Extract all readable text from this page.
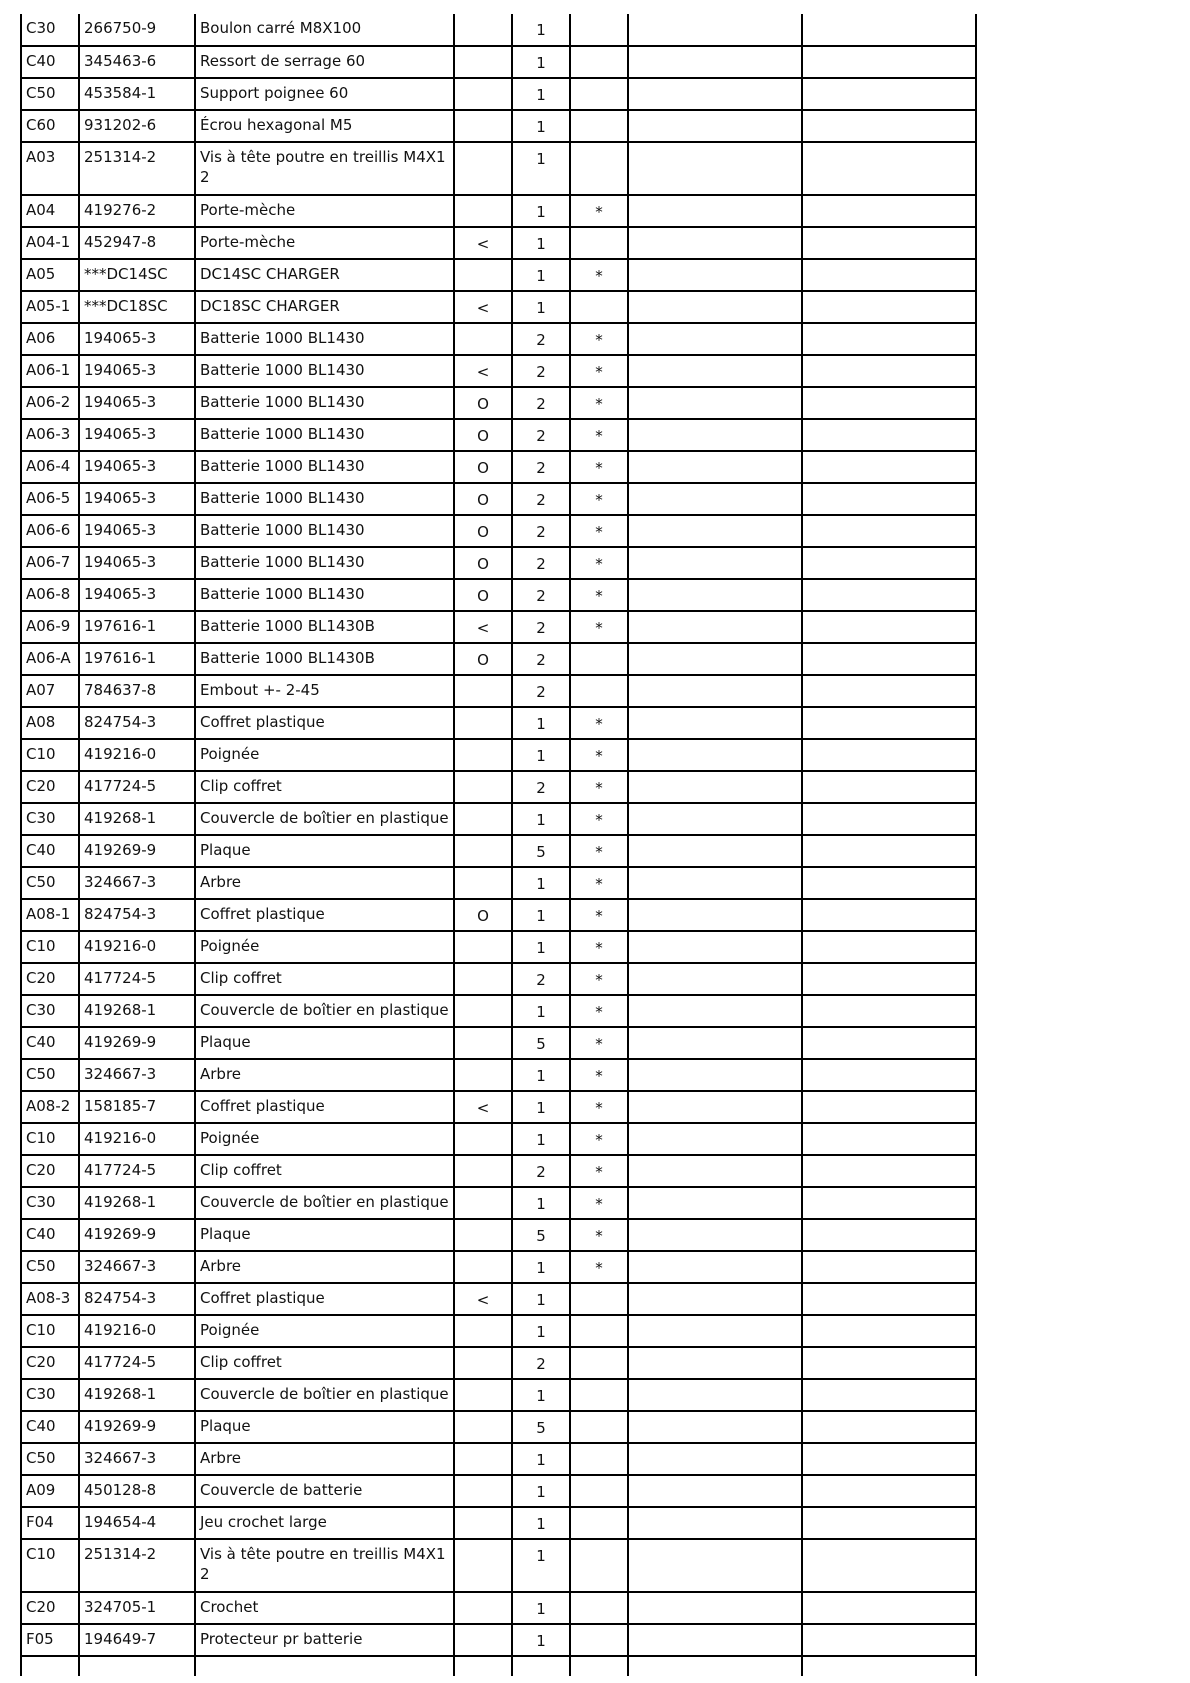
C30	266750-9	Boulon carré M8X100		1			
C40	345463-6	Ressort de serrage 60		1			
C50	453584-1	Support poignee 60		1			
C60	931202-6	Écrou hexagonal M5		1			
A03	251314-2	Vis à tête poutre en treillis M4X1 2		1			
A04	419276-2	Porte-mèche		1	*		
A04-1	452947-8	Porte-mèche	<	1			
A05	***DC14SC	DC14SC CHARGER		1	*		
A05-1	***DC18SC	DC18SC CHARGER	<	1			
A06	194065-3	Batterie 1000 BL1430		2	*		
A06-1	194065-3	Batterie 1000 BL1430	<	2	*		
A06-2	194065-3	Batterie 1000 BL1430	O	2	*		
A06-3	194065-3	Batterie 1000 BL1430	O	2	*		
A06-4	194065-3	Batterie 1000 BL1430	O	2	*		
A06-5	194065-3	Batterie 1000 BL1430	O	2	*		
A06-6	194065-3	Batterie 1000 BL1430	O	2	*		
A06-7	194065-3	Batterie 1000 BL1430	O	2	*		
A06-8	194065-3	Batterie 1000 BL1430	O	2	*		
A06-9	197616-1	Batterie 1000 BL1430B	<	2	*		
A06-A	197616-1	Batterie 1000 BL1430B	O	2			
A07	784637-8	Embout +- 2-45		2			
A08	824754-3	Coffret plastique		1	*		
C10	419216-0	Poignée		1	*		
C20	417724-5	Clip coffret		2	*		
C30	419268-1	Couvercle de boîtier en plastique		1	*		
C40	419269-9	Plaque		5	*		
C50	324667-3	Arbre		1	*		
A08-1	824754-3	Coffret plastique	O	1	*		
C10	419216-0	Poignée		1	*		
C20	417724-5	Clip coffret		2	*		
C30	419268-1	Couvercle de boîtier en plastique		1	*		
C40	419269-9	Plaque		5	*		
C50	324667-3	Arbre		1	*		
A08-2	158185-7	Coffret plastique	<	1	*		
C10	419216-0	Poignée		1	*		
C20	417724-5	Clip coffret		2	*		
C30	419268-1	Couvercle de boîtier en plastique		1	*		
C40	419269-9	Plaque		5	*		
C50	324667-3	Arbre		1	*		
A08-3	824754-3	Coffret plastique	<	1			
C10	419216-0	Poignée		1			
C20	417724-5	Clip coffret		2			
C30	419268-1	Couvercle de boîtier en plastique		1			
C40	419269-9	Plaque		5			
C50	324667-3	Arbre		1			
A09	450128-8	Couvercle de batterie		1			
F04	194654-4	Jeu crochet large		1			
C10	251314-2	Vis à tête poutre en treillis M4X1 2		1			
C20	324705-1	Crochet		1			
F05	194649-7	Protecteur pr batterie		1			
